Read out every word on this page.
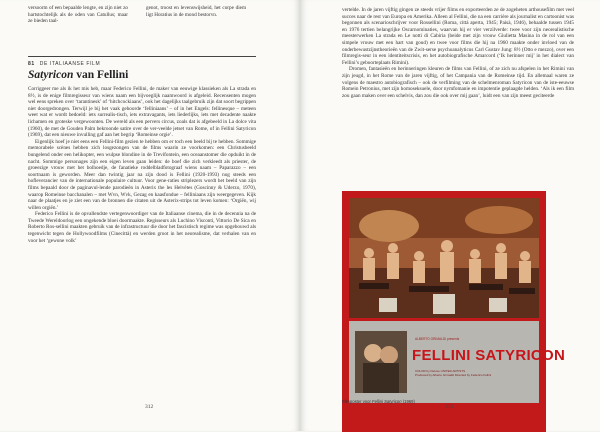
versoorm of een bepaalde lengte, en zijn niet zo hartstochtelijk als de oden van Catullus; maar ze bieden taal-
genot, troost en levenswijsheid, het corpe diem ligt Horatius in de mond bestorvn.
81 DE ITALIAANSE FILM
Satyricon van Fellini

Corriggeer me als ik het mis heb, maar Federico Fellini, de maker van eeuwige klassieken als La strada en 8½, is de enige filmregisseur van wiens naam een bijvoeglijk naamwoord is afgeleid. Recensenten mogen wel eens spreken over ‘tarantinesk’ of ‘hitchcockiaans’, ook het dagelijks taalgebruik zijn dat soort begrippen niet doorgedrongen. Terwijl je bij het vaak gehoorde ‘felliniaans’ – of in het Engels: fellinesque – meteen weet wat er wordt bedoeld: iets surrealis-tisch, iets extravagants, iets liederlijks, iets met decadente naakte lichamen en groteske vergewoonten. De wereld als een pervers circus, zoals dat is afgebeeld in La dolce vita (1960), de met de Gouden Palm bekroonde satire over de ver-veelde jetset van Rome, of in Fellini Satyricon (1969), dat een nieuwe invulling gaf aan het begrip ‘Romeinse orgie’.

Eigenlijk hoef je niet eens een Fellini-film gezien te hebben om er toch een beeld bij te hebben. Sommige memorabele scènes hebben zich losgezongen van de films waarin ze voorkomen: een Christusbeeld bungelend onder een helikopter, een wulpse blondine in de Trevifontein, een oceaanstomer die opduikt in de nacht. Sommige personages zijn een eigen leven gaan leiden: de boef die zich verkleedt als priester, de groeezige vrouw met het bolhoedje, de fanatieke roddelbladfotograaf wiens naam – Paparazzo – een soortnaam is geworden. Meer dan twintig jaar na zijn dood is Fellini (1920-1993) nog steeds een hofleverancier van de internationale populaire cultuur. Voor gene-raties striplezers wordt het beeld van zijn films bepaald door de paginavul-lende parodieën in Asterix the les Helvètes (Goscinny & Uderzo, 1970), waarop Romeinse bacchanalen – met Wvn, Wvk, Gezag en kaasfondue – felliniaans zijn weergegeven. Kijk naar de plaatjes en je ziet een van de bronnen die citaten uit de Asterix-strips tot leven komen: ‘Orgiën, wij willen orgiën.’

Federico Fellini is de opvallendste vertegenwoordiger van de Italiaanse cinema, die in de decennia na de Tweede Wereldoorlog een ongekende bloei doormaakte. Regisseurs als Luchino Visconti, Vittorio De Sica en Roberto Ros-sellini maakten gebruik van de infrastructuur die door het fascistisch regime was opgebouwd als tegenwicht tegen de Hollywoodfilms (Cinecittà) en werden groot in het neorealisme, dat verhalen van en voor het ‘gewone volk’

312

vertelde. In de jaren vijftig gingen ze steeds vrijer films en exporteerden ze de zogeheten arthousefilm met veel succes naar de rest van Europa en Amerika. Alleen al Fellini, die na een carrière als journalist en cartoonist was begonnen als scenarioschrijver voor Rossellini (Roma, città aperta, 1945; Paisà, 1946), behaalde tussen 1945 en 1976 tertien belangrijke Oscarnominaties, waarvan hij er vier verzilverde: twee voor zijn neorealistische meesterwerken La strada en Le notti di Cabiria (beide met zijn vrouw Giulietta Masina in de rol van een simpele vrouw met een hart van goud) en twee voor films die hij na 1960 maakte onder invloed van de onderbewustzijnstheorieën van de Zwit-serse psychoanalyticus Carl Gustav Jung: 8½ (Otto e mezzo), over een filmregis-seur in een identiteitscrisis, en het autobiografische Amarcord (‘Ik herinner mij’ in het dialect van Fellini’s geboorteplaats Rimini).

Dromen, fantasieën en herinneringen kleuren de films van Fellini, of ze zich nu afspelen in het Rimini van zijn jeugd, in het Rome van de jaren vijftig, of het Campania van de Romeinse tijd. En allemaal waren ze volgens de maestro autobiografisch – ook de verfilming van de schelmenroman Satyricon van de iste-eeuwse Romein Petronius, met zijn homoseksuele, door nymfomanie en impotentie geplaagde helden. ‘Als ik een film zou gaan maken over een schelvis, dan zou die ook over mij gaan’, luidt een van zijn meest geciteerde

ALBERTO GRIMALDI presents
FELLINI SATYRICON
COLOR by Deluxe UNITED ARTISTS
Produced by Alberto Grimaldi Directed by Federico Fellini
Filmposter voor Fellini Satyricon (1969)
313
